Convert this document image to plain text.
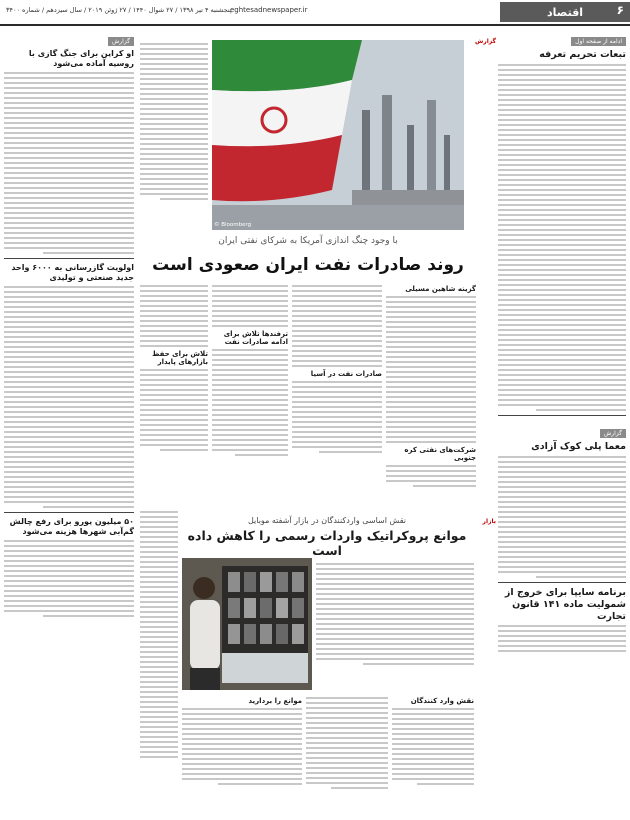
اقتصاد	۶
eghtesadnewspaper.ir
پنجشنبه ۴ تیر ۱۳۹۸ / ۲۷ شوال ۱۴۴۰ / ۲۷ ژوئن ۲۰۱۹ / سال سیزدهم / شماره ۳۴۰۰
ادامه از صفحه اول
تبعات تحریم تعرفه
گزارش
معما پلی کوک آزادی
برنامه سایپا برای خروج از شمولیت ماده ۱۴۱ قانون تجارت
گزارش
© Bloomberg
با وجود چنگ اندازی آمریکا به شرکای نفتی ایران
روند صادرات نفت ایران صعودی است
گزینه شاهین مسیلی
شرکت‌های نفتی کره جنوبی
صادرات نفت در آسیا
ترفندها تلاش برای ادامه صادرات نفت
تلاش برای حفظ بازارهای پایدار
بازار
نقش اساسی واردکنندگان در بازار آشفته موبایل
موانع پروکراتیک واردات رسمی را کاهش داده است
نقش وارد کنندگان
موانع را بردارید
گزارش
او کراین برای جنگ گازی با روسیه آماده می‌شود
اولویت گازرسانی به ۶۰۰۰ واحد جدید صنعتی و تولیدی
۵۰ میلیون یورو برای رفع چالش گم‌آبی شهرها هزینه می‌شود
